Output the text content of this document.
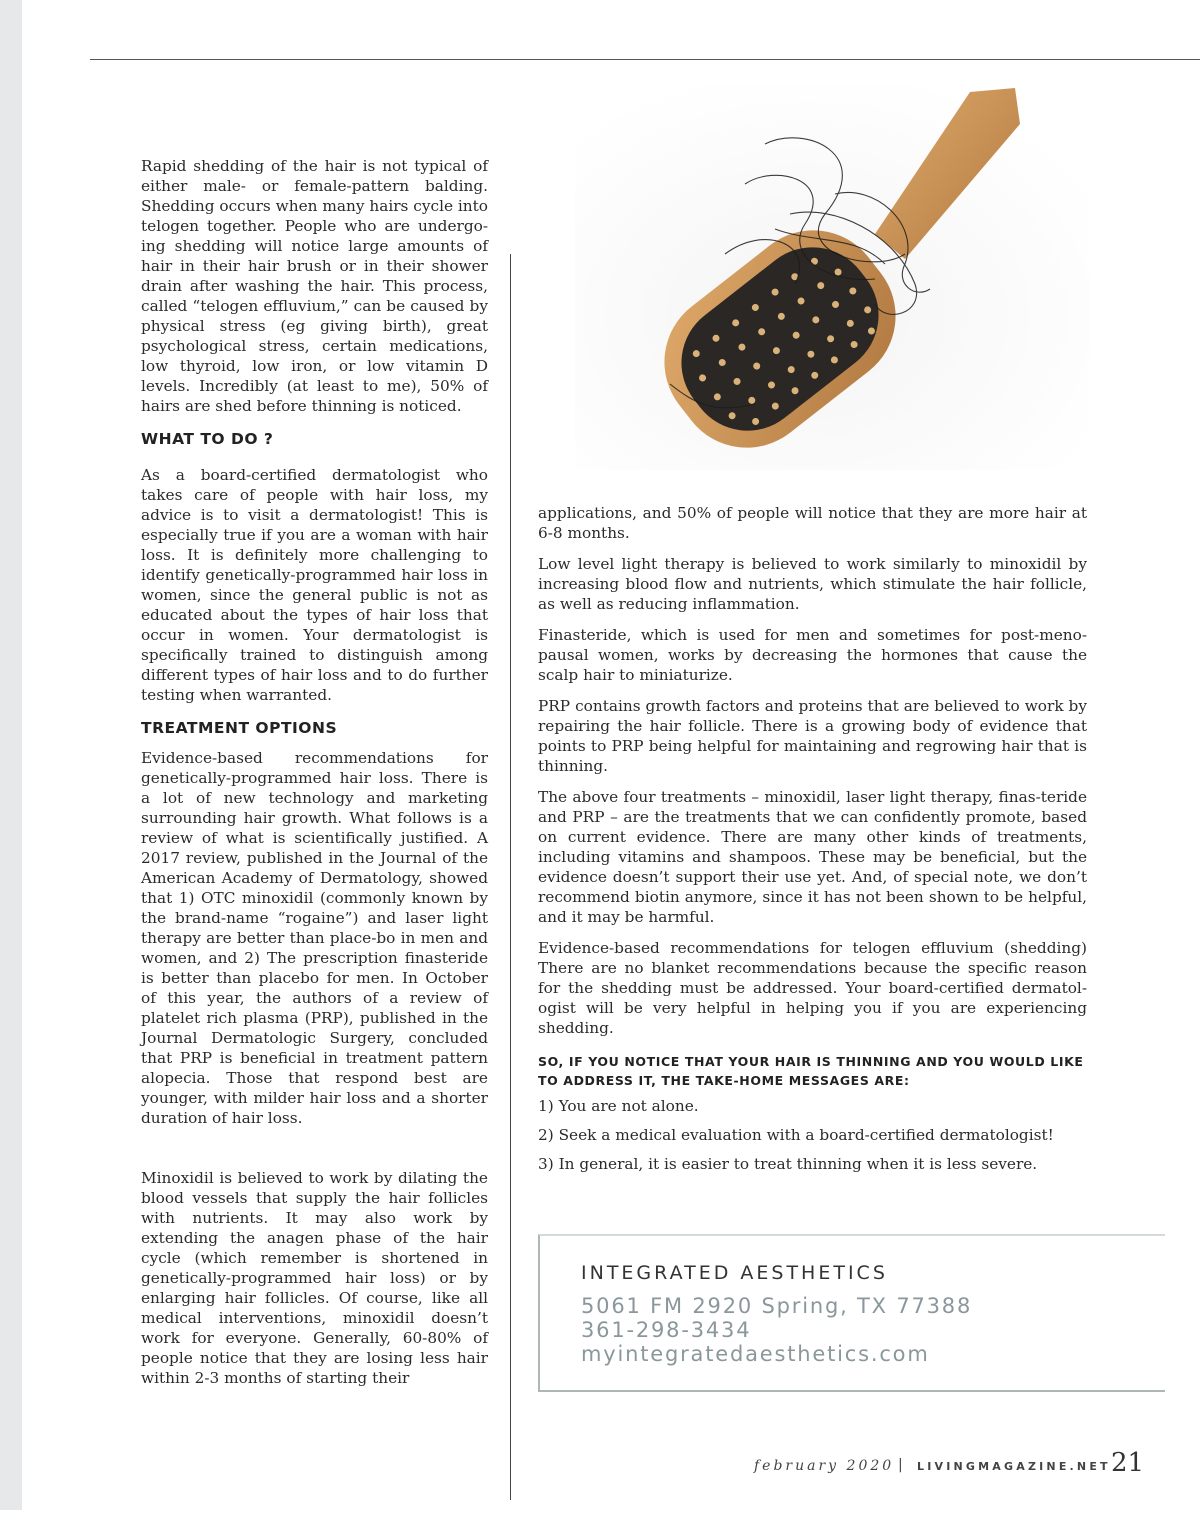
Rapid shedding of the hair is not typical of either male- or female-pattern balding. Shedding occurs when many hairs cycle into telogen together. People who are undergo-ing shedding will notice large amounts of hair in their hair brush or in their shower drain after washing the hair. This process, called “telogen effluvium,” can be caused by physical stress (eg giving birth), great psychological stress, certain medications, low thyroid, low iron, or low vitamin D levels. Incredibly (at least to me), 50% of hairs are shed before thinning is noticed.

WHAT TO DO ?

As a board-certified dermatologist who takes care of people with hair loss, my advice is to visit a dermatologist! This is especially true if you are a woman with hair loss. It is definitely more challenging to identify genetically-programmed hair loss in women, since the general public is not as educated about the types of hair loss that occur in women. Your dermatologist is specifically trained to distinguish among different types of hair loss and to do further testing when warranted.

TREATMENT OPTIONS

Evidence-based recommendations for genetically-programmed hair loss. There is a lot of new technology and marketing surrounding hair growth. What follows is a review of what is scientifically justified. A 2017 review, published in the Journal of the American Academy of Dermatology, showed that 1) OTC minoxidil (commonly known by the brand-name “rogaine”) and laser light therapy are better than place-bo in men and women, and 2) The prescription finasteride is better than placebo for men. In October of this year, the authors of a review of platelet rich plasma (PRP), published in the Journal Dermatologic Surgery, concluded that PRP is beneficial in treatment pattern alopecia. Those that respond best are younger, with milder hair loss and a shorter duration of hair loss.

Minoxidil is believed to work by dilating the blood vessels that supply the hair follicles with nutrients. It may also work by extending the anagen phase of the hair cycle (which remember is shortened in genetically-programmed hair loss) or by enlarging hair follicles. Of course, like all medical interventions, minoxidil doesn’t work for everyone. Generally, 60-80% of people notice that they are losing less hair within 2-3 months of starting their

applications, and 50% of people will notice that they are more hair at 6-8 months.

Low level light therapy is believed to work similarly to minoxidil by increasing blood flow and nutrients, which stimulate the hair follicle, as well as reducing inflammation.

Finasteride, which is used for men and sometimes for post-meno-pausal women, works by decreasing the hormones that cause the scalp hair to miniaturize.

PRP contains growth factors and proteins that are believed to work by repairing the hair follicle. There is a growing body of evidence that points to PRP being helpful for maintaining and regrowing hair that is thinning.

The above four treatments – minoxidil, laser light therapy, finas-teride and PRP – are the treatments that we can confidently promote, based on current evidence. There are many other kinds of treatments, including vitamins and shampoos. These may be beneficial, but the evidence doesn’t support their use yet. And, of special note, we don’t recommend biotin anymore, since it has not been shown to be helpful, and it may be harmful.

Evidence-based recommendations for telogen effluvium (shedding) There are no blanket recommendations because the specific reason for the shedding must be addressed. Your board-certified dermatol-ogist will be very helpful in helping you if you are experiencing shedding.

SO, IF YOU NOTICE THAT YOUR HAIR IS THINNING AND YOU WOULD LIKE TO ADDRESS IT, THE TAKE-HOME MESSAGES ARE:

1) You are not alone.

2) Seek a medical evaluation with a board-certified dermatologist!

3) In general, it is easier to treat thinning when it is less severe.

INTEGRATED AESTHETICS
5061 FM 2920 Spring, TX 77388
361-298-3434
myintegratedaesthetics.com
february 2020 | LIVINGMAGAZINE.NET 21
